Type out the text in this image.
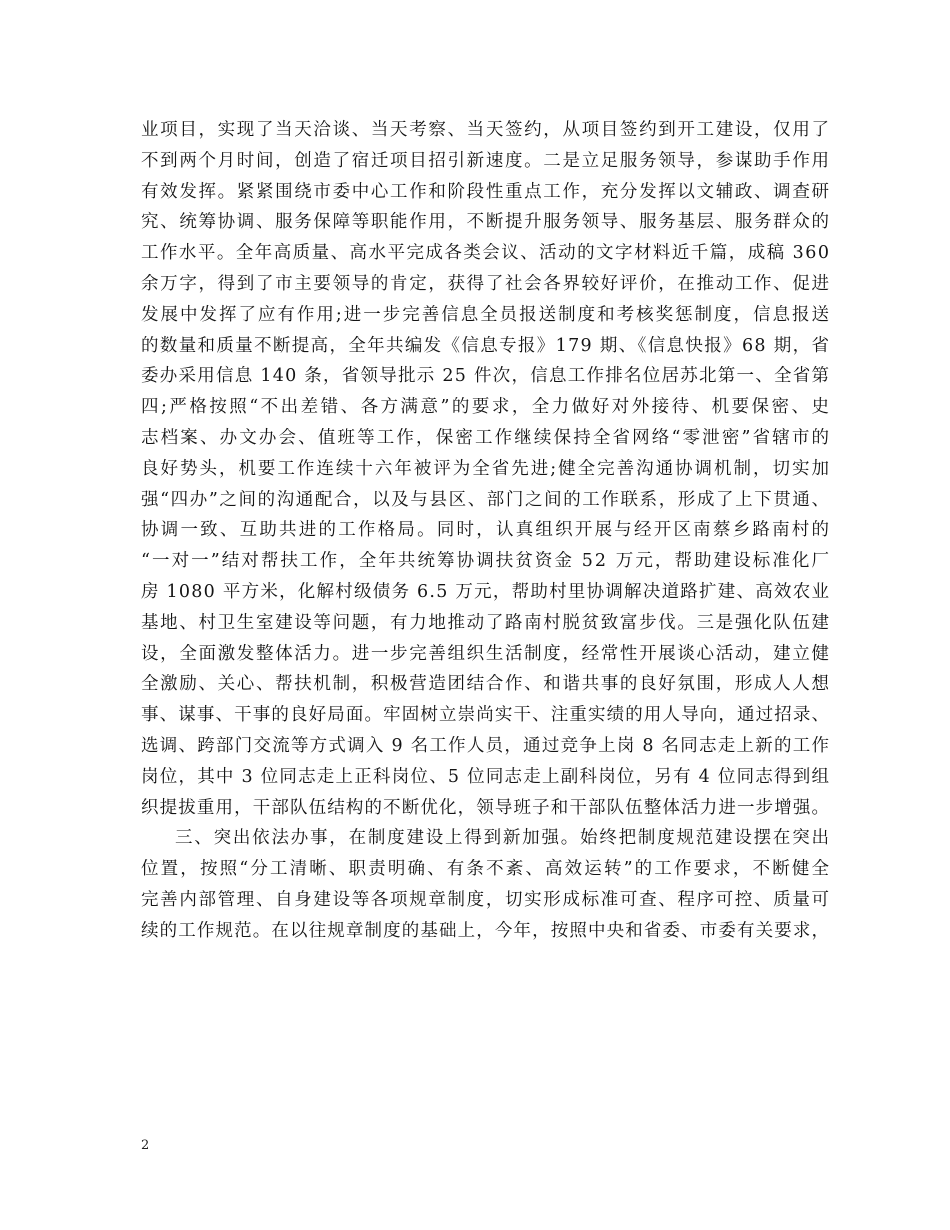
业项目，实现了当天洽谈、当天考察、当天签约，从项目签约到开工建设，仅用了
不到两个月时间，创造了宿迁项目招引新速度。二是立足服务领导，参谋助手作用
有效发挥。紧紧围绕市委中心工作和阶段性重点工作，充分发挥以文辅政、调查研
究、统筹协调、服务保障等职能作用，不断提升服务领导、服务基层、服务群众的
工作水平。全年高质量、高水平完成各类会议、活动的文字材料近千篇，成稿 360
余万字，得到了市主要领导的肯定，获得了社会各界较好评价，在推动工作、促进
发展中发挥了应有作用;进一步完善信息全员报送制度和考核奖惩制度，信息报送
的数量和质量不断提高，全年共编发《信息专报》179 期、《信息快报》68 期，省
委办采用信息 140 条，省领导批示 25 件次，信息工作排名位居苏北第一、全省第
四;严格按照“不出差错、各方满意”的要求，全力做好对外接待、机要保密、史
志档案、办文办会、值班等工作，保密工作继续保持全省网络“零泄密”省辖市的
良好势头，机要工作连续十六年被评为全省先进;健全完善沟通协调机制，切实加
强“四办”之间的沟通配合，以及与县区、部门之间的工作联系，形成了上下贯通、
协调一致、互助共进的工作格局。同时，认真组织开展与经开区南蔡乡路南村的
“一对一”结对帮扶工作，全年共统筹协调扶贫资金 52 万元，帮助建设标准化厂
房 1080 平方米，化解村级债务 6.5 万元，帮助村里协调解决道路扩建、高效农业
基地、村卫生室建设等问题，有力地推动了路南村脱贫致富步伐。三是强化队伍建
设，全面激发整体活力。进一步完善组织生活制度，经常性开展谈心活动，建立健
全激励、关心、帮扶机制，积极营造团结合作、和谐共事的良好氛围，形成人人想
事、谋事、干事的良好局面。牢固树立崇尚实干、注重实绩的用人导向，通过招录、
选调、跨部门交流等方式调入 9 名工作人员，通过竞争上岗 8 名同志走上新的工作
岗位，其中 3 位同志走上正科岗位、5 位同志走上副科岗位，另有 4 位同志得到组
织提拔重用，干部队伍结构的不断优化，领导班子和干部队伍整体活力进一步增强。
三、突出依法办事，在制度建设上得到新加强。始终把制度规范建设摆在突出
位置，按照“分工清晰、职责明确、有条不紊、高效运转”的工作要求，不断健全
完善内部管理、自身建设等各项规章制度，切实形成标准可查、程序可控、质量可
续的工作规范。在以往规章制度的基础上，今年，按照中央和省委、市委有关要求，
2
